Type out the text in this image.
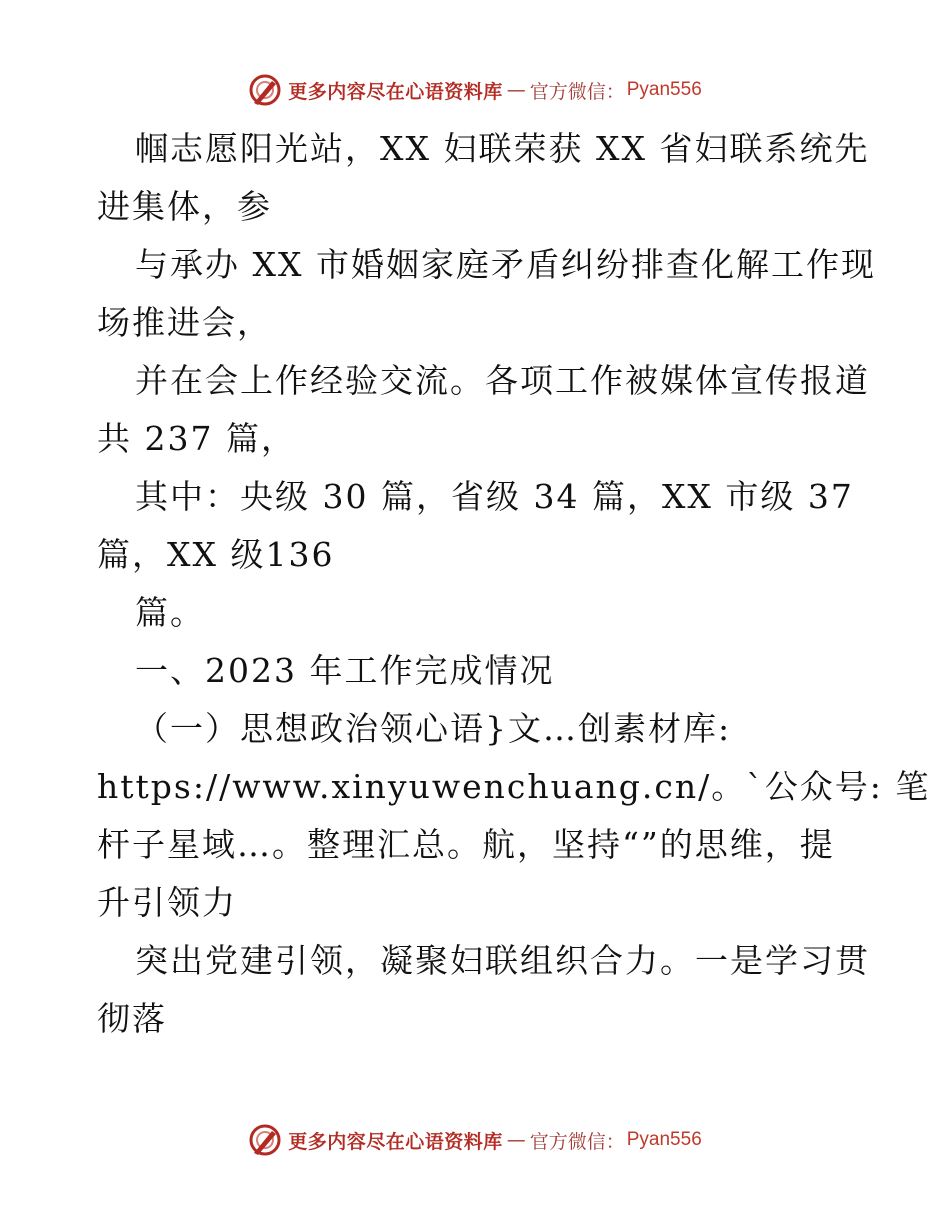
更多内容尽在心语资料库 — 官方微信： Pyan556
帼志愿阳光站，XX 妇联荣获 XX 省妇联系统先
进集体，参
与承办 XX 市婚姻家庭矛盾纠纷排查化解工作现
场推进会，
并在会上作经验交流。各项工作被媒体宣传报道
共 237 篇，
其中：央级 30 篇，省级 34 篇，XX 市级 37
篇，XX 级136
篇。
一、2023 年工作完成情况
（一）思想政治领心语}文…创素材库:
https://www.xinyuwenchuang.cn/。`公众号: 笔
杆子星域…。整理汇总。航，坚持“”的思维，提
升引领力
突出党建引领，凝聚妇联组织合力。一是学习贯
彻落
更多内容尽在心语资料库 — 官方微信： Pyan556
